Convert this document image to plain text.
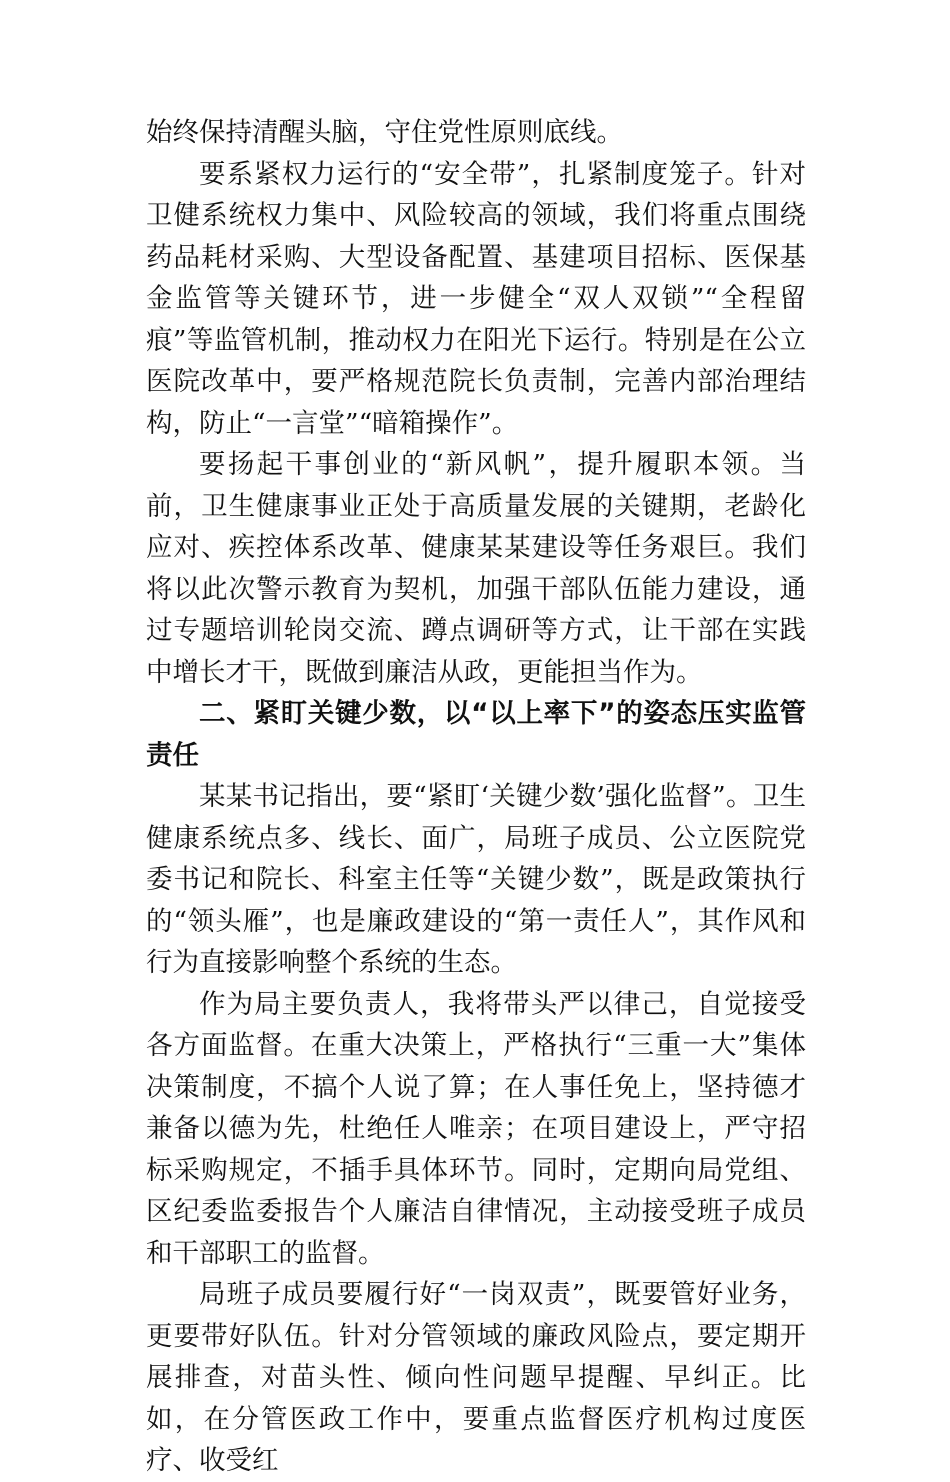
始终保持清醒头脑，守住党性原则底线。

要系紧权力运行的“安全带”，扎紧制度笼子。针对卫健系统权力集中、风险较高的领域，我们将重点围绕药品耗材采购、大型设备配置、基建项目招标、医保基金监管等关键环节，进一步健全“双人双锁”“全程留痕”等监管机制，推动权力在阳光下运行。特别是在公立医院改革中，要严格规范院长负责制，完善内部治理结构，防止“一言堂”“暗箱操作”。

要扬起干事创业的“新风帆”，提升履职本领。当前，卫生健康事业正处于高质量发展的关键期，老龄化应对、疾控体系改革、健康某某建设等任务艰巨。我们将以此次警示教育为契机，加强干部队伍能力建设，通过专题培训轮岗交流、蹲点调研等方式，让干部在实践中增长才干，既做到廉洁从政，更能担当作为。

二、紧盯关键少数，以“以上率下”的姿态压实监管责任

某某书记指出，要“紧盯‘关键少数’强化监督”。卫生健康系统点多、线长、面广，局班子成员、公立医院党委书记和院长、科室主任等“关键少数”，既是政策执行的“领头雁”，也是廉政建设的“第一责任人”，其作风和行为直接影响整个系统的生态。

作为局主要负责人，我将带头严以律己，自觉接受各方面监督。在重大决策上，严格执行“三重一大”集体决策制度，不搞个人说了算；在人事任免上，坚持德才兼备以德为先，杜绝任人唯亲；在项目建设上，严守招标采购规定，不插手具体环节。同时，定期向局党组、区纪委监委报告个人廉洁自律情况，主动接受班子成员和干部职工的监督。

局班子成员要履行好“一岗双责”，既要管好业务，更要带好队伍。针对分管领域的廉政风险点，要定期开展排查，对苗头性、倾向性问题早提醒、早纠正。比如，在分管医政工作中，要重点监督医疗机构过度医疗、收受红
